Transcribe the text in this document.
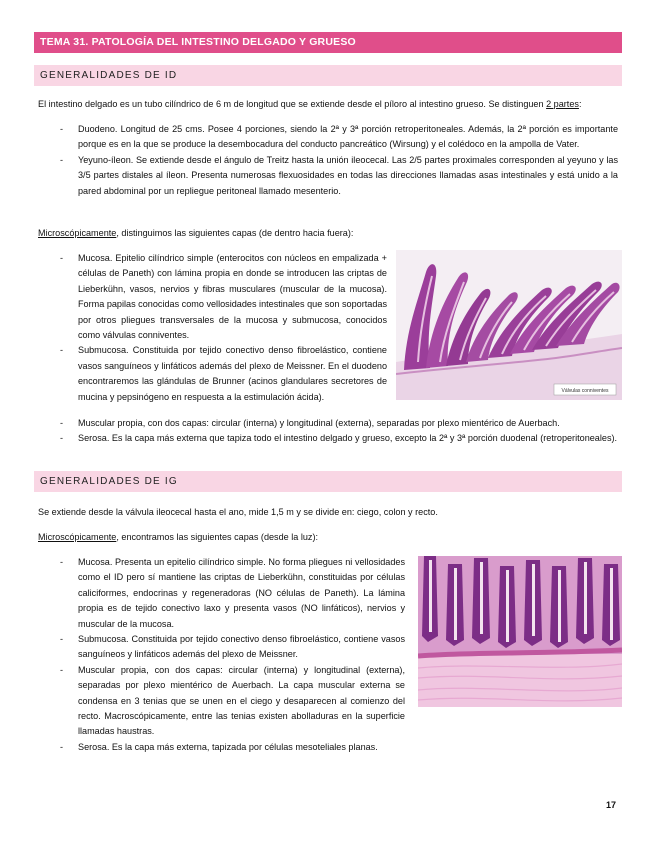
TEMA 31. PATOLOGÍA DEL INTESTINO DELGADO Y GRUESO
GENERALIDADES DE ID

El intestino delgado es un tubo cilíndrico de 6 m de longitud que se extiende desde el píloro al intestino grueso. Se distinguen 2 partes:

- Duodeno. Longitud de 25 cms. Posee 4 porciones, siendo la 2ª y 3ª porción retroperitoneales. Además, la 2ª porción es importante porque es en la que se produce la desembocadura del conducto pancreático (Wirsung) y el colédoco en la ampolla de Vater.
- Yeyuno-íleon. Se extiende desde el ángulo de Treitz hasta la unión ileocecal. Las 2/5 partes proximales corresponden al yeyuno y las 3/5 partes distales al íleon. Presenta numerosas flexuosidades en todas las direcciones llamadas asas intestinales y está unido a la pared abdominal por un repliegue peritoneal llamado mesenterio.

Microscópicamente, distinguimos las siguientes capas (de dentro hacia fuera):

- Mucosa. Epitelio cilíndrico simple (enterocitos con núcleos en empalizada + células de Paneth) con lámina propia en donde se introducen las criptas de Lieberkühn, vasos, nervios y fibras musculares (muscular de la mucosa). Forma papilas conocidas como vellosidades intestinales que son soportadas por otros pliegues transversales de la mucosa y submucosa, conocidos como válvulas conniventes.
- Submucosa. Constituida por tejido conectivo denso fibroelástico, contiene vasos sanguíneos y linfáticos además del plexo de Meissner. En el duodeno encontraremos las glándulas de Brunner (acinos glandulares secretores de mucina y pepsinógeno en respuesta a la estimulación ácida).
- Muscular propia, con dos capas: circular (interna) y longitudinal (externa), separadas por plexo mientérico de Auerbach.
- Serosa. Es la capa más externa que tapiza todo el intestino delgado y grueso, excepto la 2ª y 3ª porción duodenal (retroperitoneales).
Válvulas conniventes
GENERALIDADES DE IG

Se extiende desde la válvula ileocecal hasta el ano, mide 1,5 m y se divide en: ciego, colon y recto.

Microscópicamente, encontramos las siguientes capas (desde la luz):

- Mucosa. Presenta un epitelio cilíndrico simple. No forma pliegues ni vellosidades como el ID pero sí mantiene las criptas de Lieberkühn, constituidas por células caliciformes, endocrinas y regeneradoras (NO células de Paneth). La lámina propia es de tejido conectivo laxo y presenta vasos (NO linfáticos), nervios y muscular de la mucosa.
- Submucosa. Constituida por tejido conectivo denso fibroelástico, contiene vasos sanguíneos y linfáticos además del plexo de Meissner.
- Muscular propia, con dos capas: circular (interna) y longitudinal (externa), separadas por plexo mientérico de Auerbach. La capa muscular externa se condensa en 3 tenias que se unen en el ciego y desaparecen al comienzo del recto. Macroscópicamente, entre las tenias existen abolladuras en la superficie llamadas haustras.
- Serosa. Es la capa más externa, tapizada por células mesoteliales planas.
17
